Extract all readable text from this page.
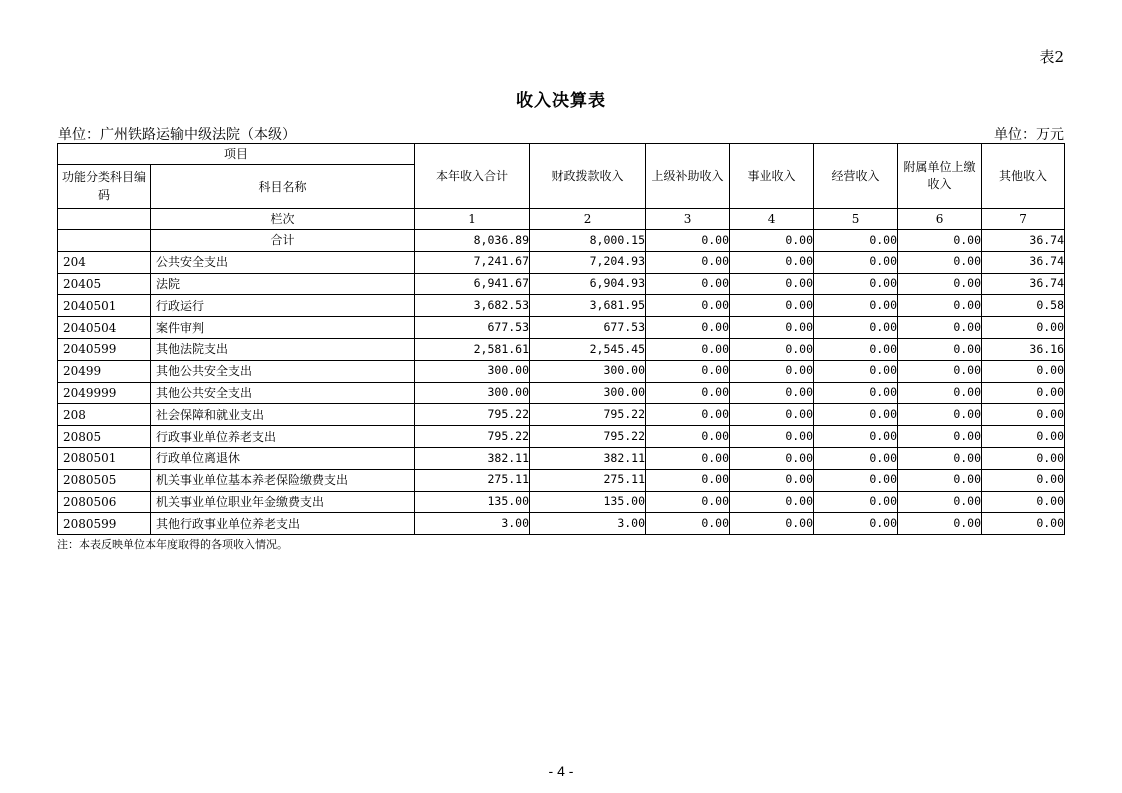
表2
收入决算表
单位：广州铁路运输中级法院（本级）	单位：万元
项目		本年收入合计	财政拨款收入	上级补助收入	事业收入	经营收入	附属单位上缴收入	其他收入
功能分类科目编码	科目名称							
	栏次	1	2	3	4	5	6	7
	合计	8,036.89	8,000.15	0.00	0.00	0.00	0.00	36.74
204	公共安全支出	7,241.67	7,204.93	0.00	0.00	0.00	0.00	36.74
20405	法院	6,941.67	6,904.93	0.00	0.00	0.00	0.00	36.74
2040501	行政运行	3,682.53	3,681.95	0.00	0.00	0.00	0.00	0.58
2040504	案件审判	677.53	677.53	0.00	0.00	0.00	0.00	0.00
2040599	其他法院支出	2,581.61	2,545.45	0.00	0.00	0.00	0.00	36.16
20499	其他公共安全支出	300.00	300.00	0.00	0.00	0.00	0.00	0.00
2049999	其他公共安全支出	300.00	300.00	0.00	0.00	0.00	0.00	0.00
208	社会保障和就业支出	795.22	795.22	0.00	0.00	0.00	0.00	0.00
20805	行政事业单位养老支出	795.22	795.22	0.00	0.00	0.00	0.00	0.00
2080501	行政单位离退休	382.11	382.11	0.00	0.00	0.00	0.00	0.00
2080505	机关事业单位基本养老保险缴费支出	275.11	275.11	0.00	0.00	0.00	0.00	0.00
2080506	机关事业单位职业年金缴费支出	135.00	135.00	0.00	0.00	0.00	0.00	0.00
2080599	其他行政事业单位养老支出	3.00	3.00	0.00	0.00	0.00	0.00	0.00
注：本表反映单位本年度取得的各项收入情况。
- 4 -
